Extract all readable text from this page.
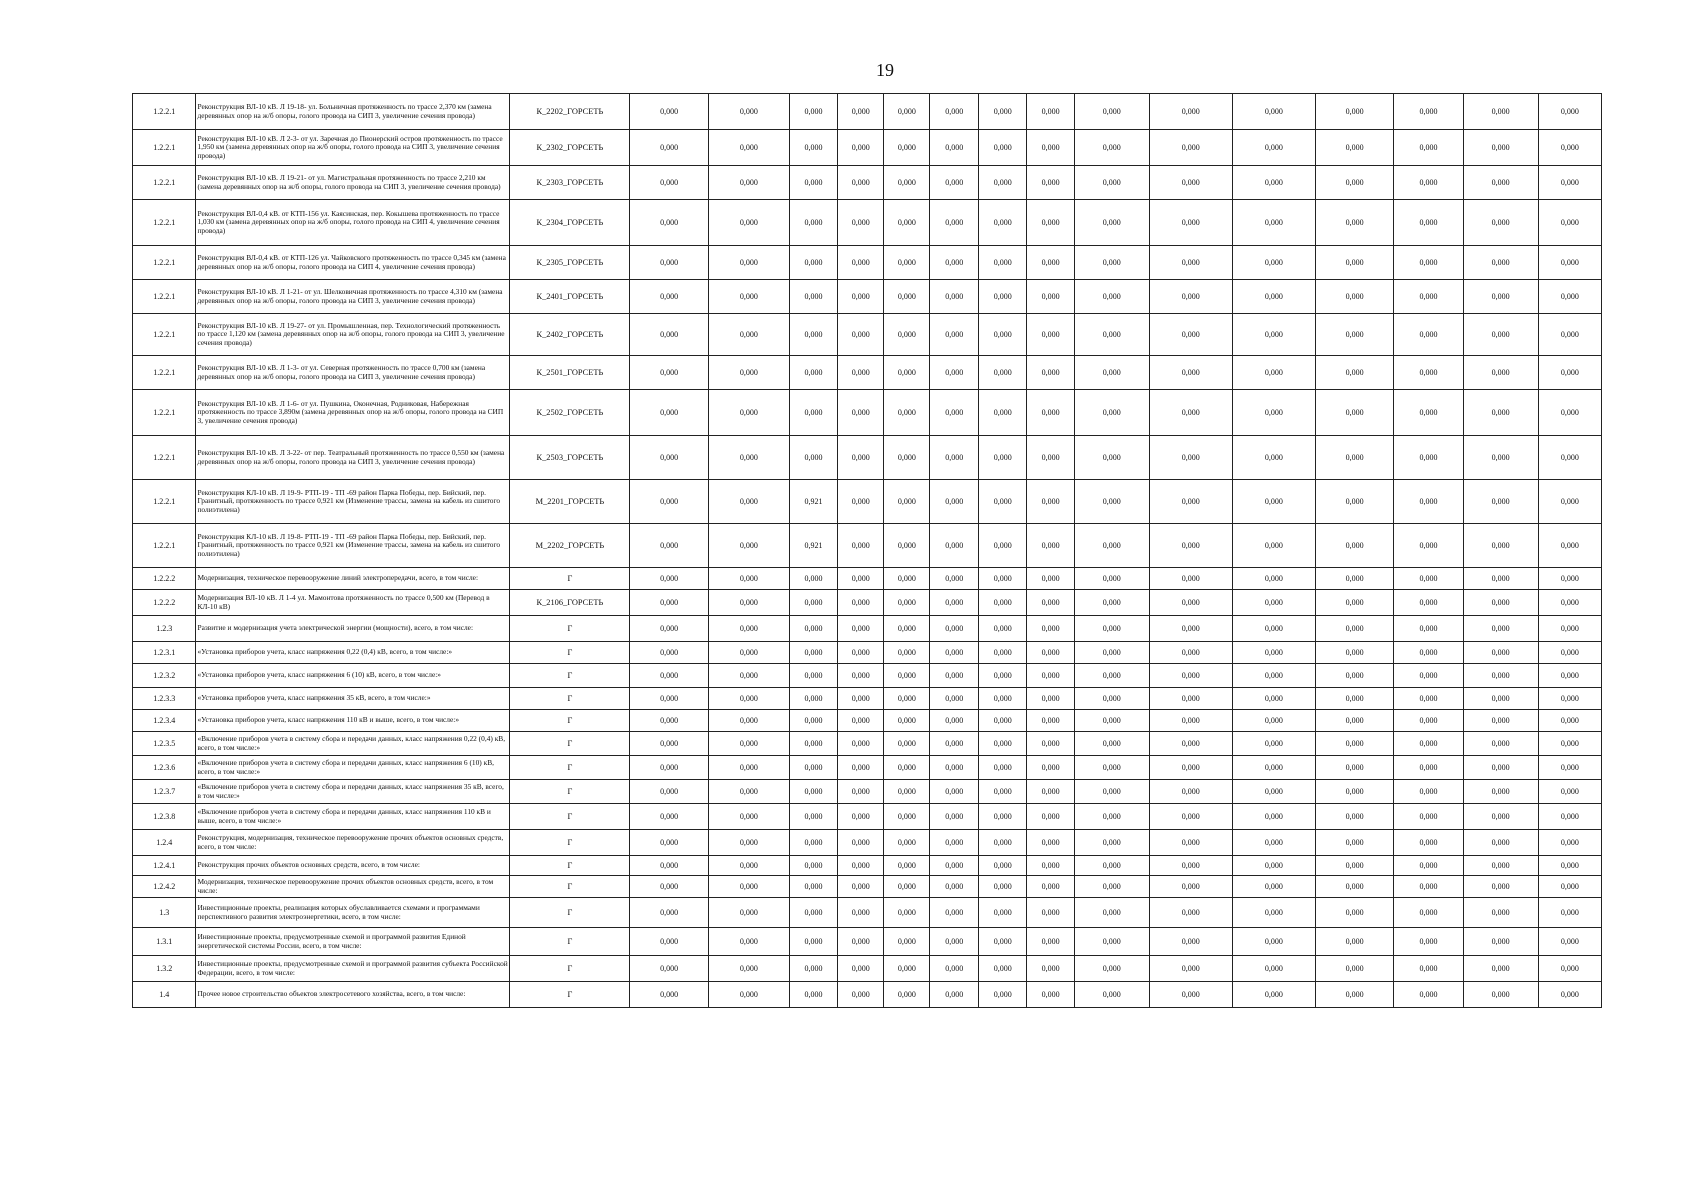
19
1.2.2.1	Реконструкция ВЛ-10 кВ. Л 19-18- ул. Больничная протяженность по трассе 2,370 км (замена деревянных опор на ж/б опоры, голого провода на СИП 3, увеличение сечения провода)	К_2202_ГОРСЕТЬ	0,000	0,000	0,000	0,000	0,000	0,000	0,000	0,000	0,000	0,000	0,000	0,000	0,000	0,000	0,000
1.2.2.1	Реконструкция ВЛ-10 кВ. Л 2-3- от ул. Заречная до Пионерский остров протяженность по трассе 1,950 км (замена деревянных опор на ж/б опоры, голого провода на СИП 3, увеличение сечения провода)	К_2302_ГОРСЕТЬ	0,000	0,000	0,000	0,000	0,000	0,000	0,000	0,000	0,000	0,000	0,000	0,000	0,000	0,000	0,000
1.2.2.1	Реконструкция ВЛ-10 кВ. Л 19-21- от ул. Магистральная протяженность по трассе 2,210 км (замена деревянных опор на ж/б опоры, голого провода на СИП 3, увеличение сечения провода)	К_2303_ГОРСЕТЬ	0,000	0,000	0,000	0,000	0,000	0,000	0,000	0,000	0,000	0,000	0,000	0,000	0,000	0,000	0,000
1.2.2.1	Реконструкция ВЛ-0,4 кВ. от КТП-156 ул. Каясинская, пер. Кокышева протяженность по трассе 1,030 км (замена деревянных опор на ж/б опоры, голого провода на СИП 4, увеличение сечения провода)	К_2304_ГОРСЕТЬ	0,000	0,000	0,000	0,000	0,000	0,000	0,000	0,000	0,000	0,000	0,000	0,000	0,000	0,000	0,000
1.2.2.1	Реконструкция ВЛ-0,4 кВ. от КТП-126 ул. Чайковского протяженность по трассе 0,345 км (замена деревянных опор на ж/б опоры, голого провода на СИП 4, увеличение сечения провода)	К_2305_ГОРСЕТЬ	0,000	0,000	0,000	0,000	0,000	0,000	0,000	0,000	0,000	0,000	0,000	0,000	0,000	0,000	0,000
1.2.2.1	Реконструкция ВЛ-10 кВ. Л 1-21- от ул. Шелковичная протяженность по трассе 4,310 км (замена деревянных опор на ж/б опоры, голого провода на СИП 3, увеличение сечения провода)	К_2401_ГОРСЕТЬ	0,000	0,000	0,000	0,000	0,000	0,000	0,000	0,000	0,000	0,000	0,000	0,000	0,000	0,000	0,000
1.2.2.1	Реконструкция ВЛ-10 кВ. Л 19-27- от ул. Промышленная, пер. Технологический протяженность по трассе 1,120 км (замена деревянных опор на ж/б опоры, голого провода на СИП 3, увеличение сечения провода)	К_2402_ГОРСЕТЬ	0,000	0,000	0,000	0,000	0,000	0,000	0,000	0,000	0,000	0,000	0,000	0,000	0,000	0,000	0,000
1.2.2.1	Реконструкция ВЛ-10 кВ. Л 1-3- от ул. Северная протяженность по трассе 0,700 км (замена деревянных опор на ж/б опоры, голого провода на СИП 3, увеличение сечения провода)	К_2501_ГОРСЕТЬ	0,000	0,000	0,000	0,000	0,000	0,000	0,000	0,000	0,000	0,000	0,000	0,000	0,000	0,000	0,000
1.2.2.1	Реконструкция ВЛ-10 кВ. Л 1-6- от ул. Пушкина, Оконечная, Родниковая, Набережная протяженность по трассе 3,890м (замена деревянных опор на ж/б опоры, голого провода на СИП 3, увеличение сечения провода)	К_2502_ГОРСЕТЬ	0,000	0,000	0,000	0,000	0,000	0,000	0,000	0,000	0,000	0,000	0,000	0,000	0,000	0,000	0,000
1.2.2.1	Реконструкция ВЛ-10 кВ. Л 3-22- от пер. Театральный протяженность по трассе 0,550 км (замена деревянных опор на ж/б опоры, голого провода на СИП 3, увеличение сечения провода)	К_2503_ГОРСЕТЬ	0,000	0,000	0,000	0,000	0,000	0,000	0,000	0,000	0,000	0,000	0,000	0,000	0,000	0,000	0,000
1.2.2.1	Реконструкция КЛ-10 кВ. Л 19-9- РТП-19 - ТП -69 район Парка Победы, пер. Бийский, пер. Гранитный, протяженность по трассе 0,921 км (Изменение трассы, замена на кабель из сшитого полиэтилена)	М_2201_ГОРСЕТЬ	0,000	0,000	0,921	0,000	0,000	0,000	0,000	0,000	0,000	0,000	0,000	0,000	0,000	0,000	0,000
1.2.2.1	Реконструкция КЛ-10 кВ. Л 19-8- РТП-19 - ТП -69 район Парка Победы, пер. Бийский, пер. Гранитный, протяженность по трассе 0,921 км (Изменение трассы, замена на кабель из сшитого полиэтилена)	М_2202_ГОРСЕТЬ	0,000	0,000	0,921	0,000	0,000	0,000	0,000	0,000	0,000	0,000	0,000	0,000	0,000	0,000	0,000
1.2.2.2	Модернизация, техническое перевооружение линий электропередачи, всего, в том числе:	Г	0,000	0,000	0,000	0,000	0,000	0,000	0,000	0,000	0,000	0,000	0,000	0,000	0,000	0,000	0,000
1.2.2.2	Модернизация ВЛ-10 кВ. Л 1-4 ул. Мамонтова протяженность по трассе 0,500 км (Перевод в КЛ-10 кВ)	К_2106_ГОРСЕТЬ	0,000	0,000	0,000	0,000	0,000	0,000	0,000	0,000	0,000	0,000	0,000	0,000	0,000	0,000	0,000
1.2.3	Развитие и модернизация учета электрической энергии (мощности), всего, в том числе:	Г	0,000	0,000	0,000	0,000	0,000	0,000	0,000	0,000	0,000	0,000	0,000	0,000	0,000	0,000	0,000
1.2.3.1	«Установка приборов учета, класс напряжения 0,22 (0,4) кВ, всего, в том числе:»	Г	0,000	0,000	0,000	0,000	0,000	0,000	0,000	0,000	0,000	0,000	0,000	0,000	0,000	0,000	0,000
1.2.3.2	«Установка приборов учета, класс напряжения 6 (10) кВ, всего, в том числе:»	Г	0,000	0,000	0,000	0,000	0,000	0,000	0,000	0,000	0,000	0,000	0,000	0,000	0,000	0,000	0,000
1.2.3.3	«Установка приборов учета, класс напряжения 35 кВ, всего, в том числе:»	Г	0,000	0,000	0,000	0,000	0,000	0,000	0,000	0,000	0,000	0,000	0,000	0,000	0,000	0,000	0,000
1.2.3.4	«Установка приборов учета, класс напряжения 110 кВ и выше, всего, в том числе:»	Г	0,000	0,000	0,000	0,000	0,000	0,000	0,000	0,000	0,000	0,000	0,000	0,000	0,000	0,000	0,000
1.2.3.5	«Включение приборов учета в систему сбора и передачи данных, класс напряжения 0,22 (0,4) кВ, всего, в том числе:»	Г	0,000	0,000	0,000	0,000	0,000	0,000	0,000	0,000	0,000	0,000	0,000	0,000	0,000	0,000	0,000
1.2.3.6	«Включение приборов учета в систему сбора и передачи данных, класс напряжения 6 (10) кВ, всего, в том числе:»	Г	0,000	0,000	0,000	0,000	0,000	0,000	0,000	0,000	0,000	0,000	0,000	0,000	0,000	0,000	0,000
1.2.3.7	«Включение приборов учета в систему сбора и передачи данных, класс напряжения 35 кВ, всего, в том числе:»	Г	0,000	0,000	0,000	0,000	0,000	0,000	0,000	0,000	0,000	0,000	0,000	0,000	0,000	0,000	0,000
1.2.3.8	«Включение приборов учета в систему сбора и передачи данных, класс напряжения 110 кВ и выше, всего, в том числе:»	Г	0,000	0,000	0,000	0,000	0,000	0,000	0,000	0,000	0,000	0,000	0,000	0,000	0,000	0,000	0,000
1.2.4	Реконструкция, модернизация, техническое перевооружение прочих объектов основных средств, всего, в том числе:	Г	0,000	0,000	0,000	0,000	0,000	0,000	0,000	0,000	0,000	0,000	0,000	0,000	0,000	0,000	0,000
1.2.4.1	Реконструкция прочих объектов основных средств, всего, в том числе:	Г	0,000	0,000	0,000	0,000	0,000	0,000	0,000	0,000	0,000	0,000	0,000	0,000	0,000	0,000	0,000
1.2.4.2	Модернизация, техническое перевооружение прочих объектов основных средств, всего, в том числе:	Г	0,000	0,000	0,000	0,000	0,000	0,000	0,000	0,000	0,000	0,000	0,000	0,000	0,000	0,000	0,000
1.3	Инвестиционные проекты, реализация которых обуславливается схемами и программами перспективного развития электроэнергетики, всего, в том числе:	Г	0,000	0,000	0,000	0,000	0,000	0,000	0,000	0,000	0,000	0,000	0,000	0,000	0,000	0,000	0,000
1.3.1	Инвестиционные проекты, предусмотренные схемой и программой развития Единой энергетической системы России, всего, в том числе:	Г	0,000	0,000	0,000	0,000	0,000	0,000	0,000	0,000	0,000	0,000	0,000	0,000	0,000	0,000	0,000
1.3.2	Инвестиционные проекты, предусмотренные схемой и программой развития субъекта Российской Федерации, всего, в том числе:	Г	0,000	0,000	0,000	0,000	0,000	0,000	0,000	0,000	0,000	0,000	0,000	0,000	0,000	0,000	0,000
1.4	Прочее новое строительство объектов электросетевого хозяйства, всего, в том числе:	Г	0,000	0,000	0,000	0,000	0,000	0,000	0,000	0,000	0,000	0,000	0,000	0,000	0,000	0,000	0,000
